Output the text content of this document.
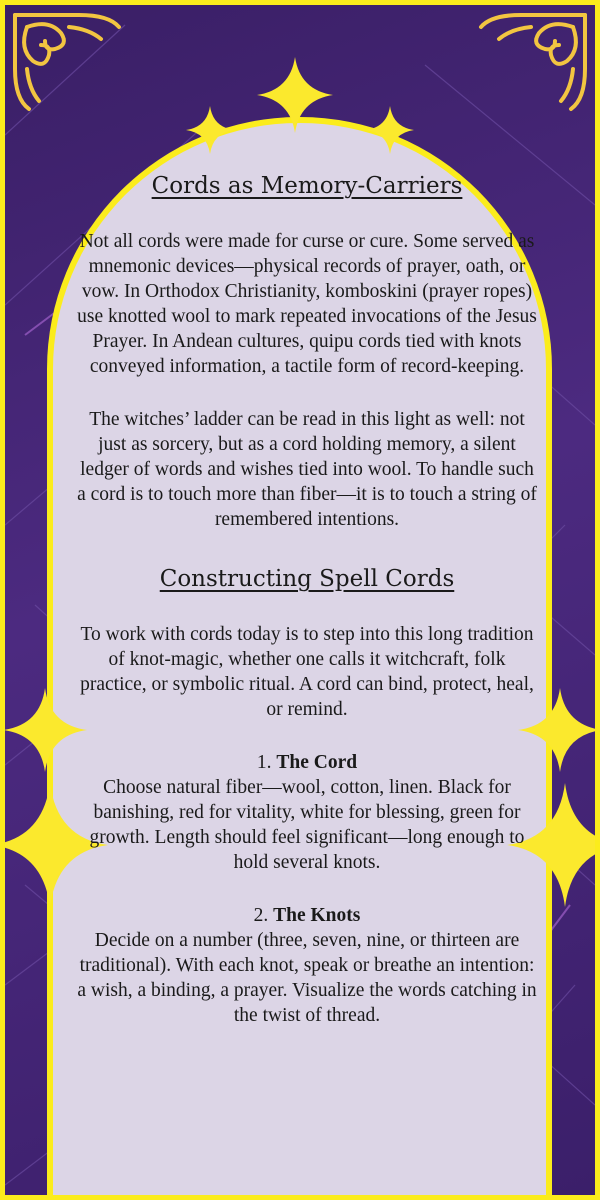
Cords as Memory-Carriers

Not all cords were made for curse or cure. Some served as mnemonic devices—physical records of prayer, oath, or vow. In Orthodox Christianity, komboskini (prayer ropes) use knotted wool to mark repeated invocations of the Jesus Prayer. In Andean cultures, quipu cords tied with knots conveyed information, a tactile form of record-keeping.

The witches’ ladder can be read in this light as well: not just as sorcery, but as a cord holding memory, a silent ledger of words and wishes tied into wool. To handle such a cord is to touch more than fiber—it is to touch a string of remembered intentions.

Constructing Spell Cords

To work with cords today is to step into this long tradition of knot-magic, whether one calls it witchcraft, folk practice, or symbolic ritual. A cord can bind, protect, heal, or remind.

1. The Cord

Choose natural fiber—wool, cotton, linen. Black for banishing, red for vitality, white for blessing, green for growth. Length should feel significant—long enough to hold several knots.

2. The Knots

Decide on a number (three, seven, nine, or thirteen are traditional). With each knot, speak or breathe an intention: a wish, a binding, a prayer. Visualize the words catching in the twist of thread.
